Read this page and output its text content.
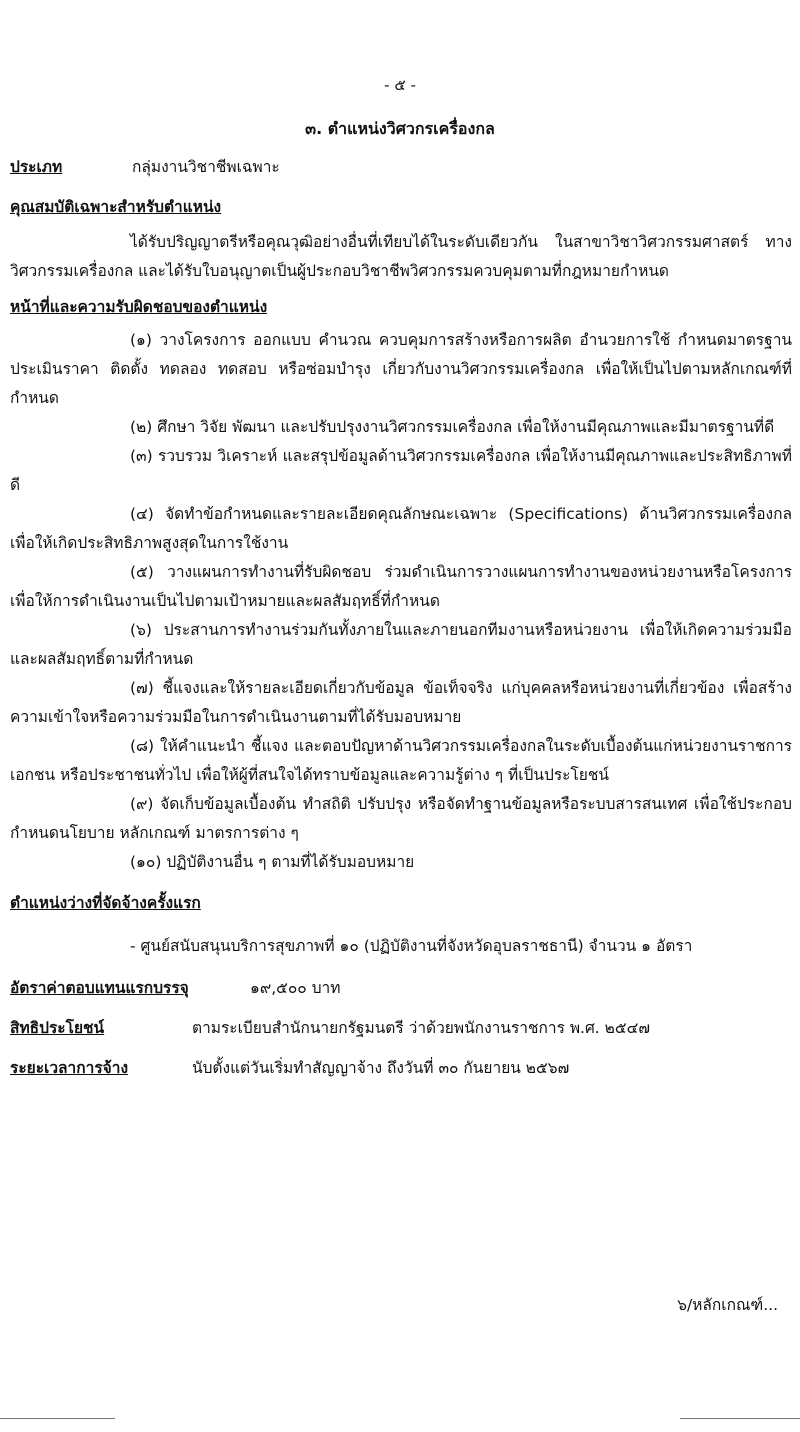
- ๕ -
๓. ตำแหน่งวิศวกรเครื่องกล
ประเภท	กลุ่มงานวิชาชีพเฉพาะ
คุณสมบัติเฉพาะสำหรับตำแหน่ง

ได้รับปริญญาตรีหรือคุณวุฒิอย่างอื่นที่เทียบได้ในระดับเดียวกัน ในสาขาวิชาวิศวกรรมศาสตร์ ทางวิศวกรรมเครื่องกล และได้รับใบอนุญาตเป็นผู้ประกอบวิชาชีพวิศวกรรมควบคุมตามที่กฎหมายกำหนด

หน้าที่และความรับผิดชอบของตำแหน่ง

(๑) วางโครงการ ออกแบบ คำนวณ ควบคุมการสร้างหรือการผลิต อำนวยการใช้ กำหนดมาตรฐาน ประเมินราคา ติดตั้ง ทดลอง ทดสอบ หรือซ่อมบำรุง เกี่ยวกับงานวิศวกรรมเครื่องกล เพื่อให้เป็นไปตามหลักเกณฑ์ที่กำหนด

(๒) ศึกษา วิจัย พัฒนา และปรับปรุงงานวิศวกรรมเครื่องกล เพื่อให้งานมีคุณภาพและมีมาตรฐานที่ดี

(๓) รวบรวม วิเคราะห์ และสรุปข้อมูลด้านวิศวกรรมเครื่องกล เพื่อให้งานมีคุณภาพและประสิทธิภาพที่ดี

(๔) จัดทำข้อกำหนดและรายละเอียดคุณลักษณะเฉพาะ (Specifications) ด้านวิศวกรรมเครื่องกล เพื่อให้เกิดประสิทธิภาพสูงสุดในการใช้งาน

(๕) วางแผนการทำงานที่รับผิดชอบ ร่วมดำเนินการวางแผนการทำงานของหน่วยงานหรือโครงการ เพื่อให้การดำเนินงานเป็นไปตามเป้าหมายและผลสัมฤทธิ์ที่กำหนด

(๖) ประสานการทำงานร่วมกันทั้งภายในและภายนอกทีมงานหรือหน่วยงาน เพื่อให้เกิดความร่วมมือและผลสัมฤทธิ์ตามที่กำหนด

(๗) ชี้แจงและให้รายละเอียดเกี่ยวกับข้อมูล ข้อเท็จจริง แก่บุคคลหรือหน่วยงานที่เกี่ยวข้อง เพื่อสร้างความเข้าใจหรือความร่วมมือในการดำเนินงานตามที่ได้รับมอบหมาย

(๘) ให้คำแนะนำ ชี้แจง และตอบปัญหาด้านวิศวกรรมเครื่องกลในระดับเบื้องต้นแก่หน่วยงานราชการ เอกชน หรือประชาชนทั่วไป เพื่อให้ผู้ที่สนใจได้ทราบข้อมูลและความรู้ต่าง ๆ ที่เป็นประโยชน์

(๙) จัดเก็บข้อมูลเบื้องต้น ทำสถิติ ปรับปรุง หรือจัดทำฐานข้อมูลหรือระบบสารสนเทศ เพื่อใช้ประกอบกำหนดนโยบาย หลักเกณฑ์ มาตรการต่าง ๆ

(๑๐) ปฏิบัติงานอื่น ๆ ตามที่ได้รับมอบหมาย

ตำแหน่งว่างที่จัดจ้างครั้งแรก
- ศูนย์สนับสนุนบริการสุขภาพที่ ๑๐ (ปฏิบัติงานที่จังหวัดอุบลราชธานี) จำนวน ๑ อัตรา
อัตราค่าตอบแทนแรกบรรจุ	๑๙,๕๐๐ บาท
สิทธิประโยชน์	ตามระเบียบสำนักนายกรัฐมนตรี ว่าด้วยพนักงานราชการ พ.ศ. ๒๕๔๗
ระยะเวลาการจ้าง	นับตั้งแต่วันเริ่มทำสัญญาจ้าง ถึงวันที่ ๓๐ กันยายน ๒๕๖๗
๖/หลักเกณฑ์...
